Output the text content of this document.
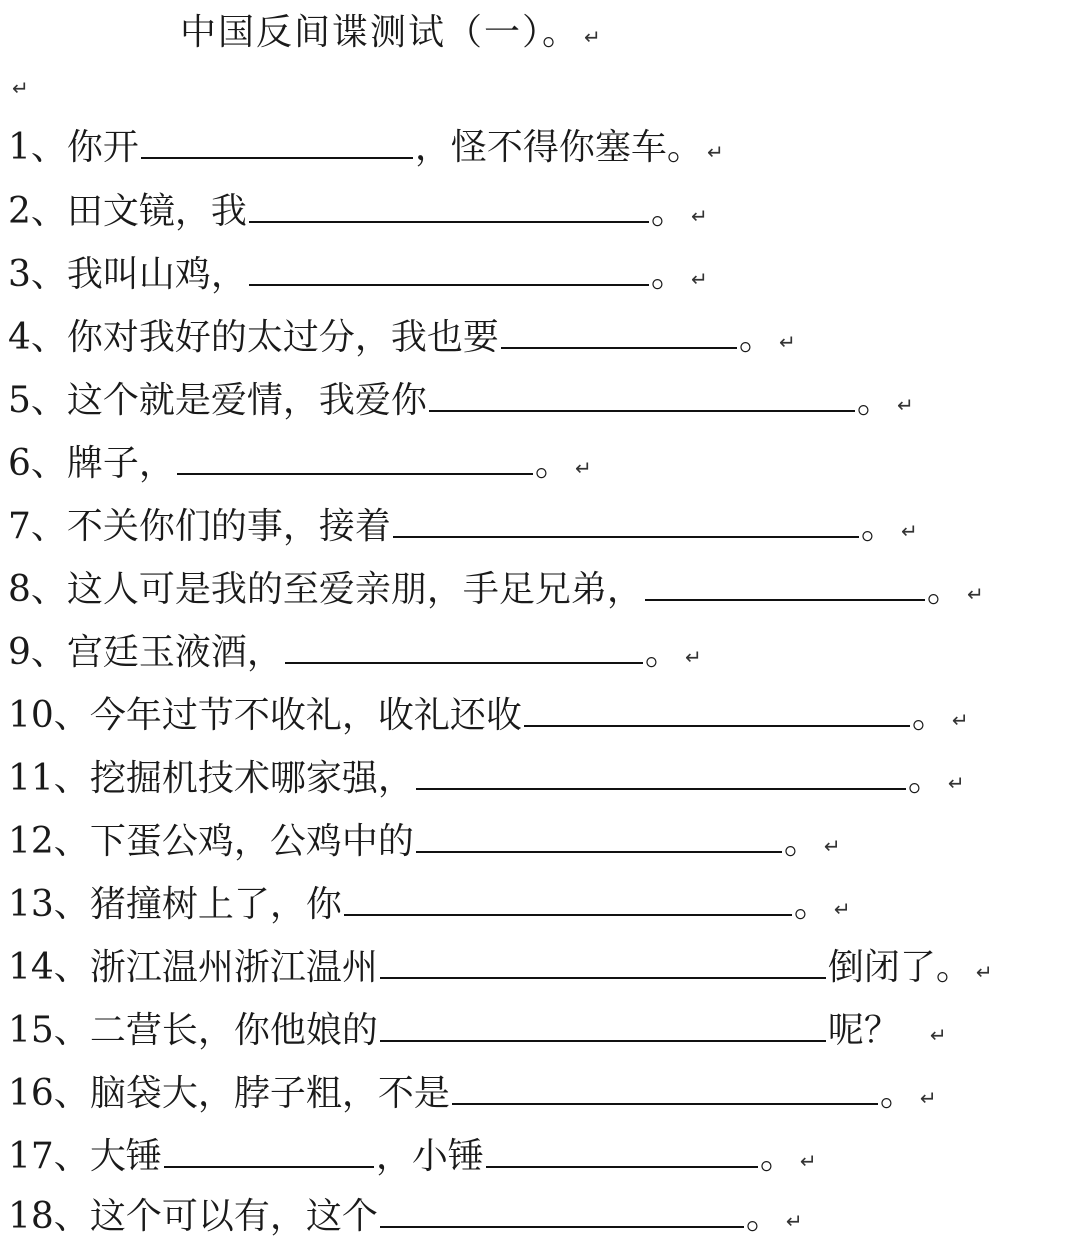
中国反间谍测试（一）。 ↵
↵
1、你开	，怪不得你塞车。 ↵
2、田文镜，我	。 ↵
3、我叫山鸡，	。 ↵
4、你对我好的太过分，我也要	。 ↵
5、这个就是爱情，我爱你	。 ↵
6、牌子，	。 ↵
7、不关你们的事，接着	。 ↵
8、这人可是我的至爱亲朋，手足兄弟，	。 ↵
9、宫廷玉液酒，	。 ↵
10、今年过节不收礼，收礼还收	。 ↵
11、挖掘机技术哪家强，	。 ↵
12、下蛋公鸡，公鸡中的	。 ↵
13、猪撞树上了，你	。 ↵
14、浙江温州浙江温州	倒闭了。 ↵
15、二营长，你他娘的	呢？ ↵
16、脑袋大，脖子粗，不是	。 ↵
17、大锤	，小锤	。 ↵
18、这个可以有，这个	。 ↵
